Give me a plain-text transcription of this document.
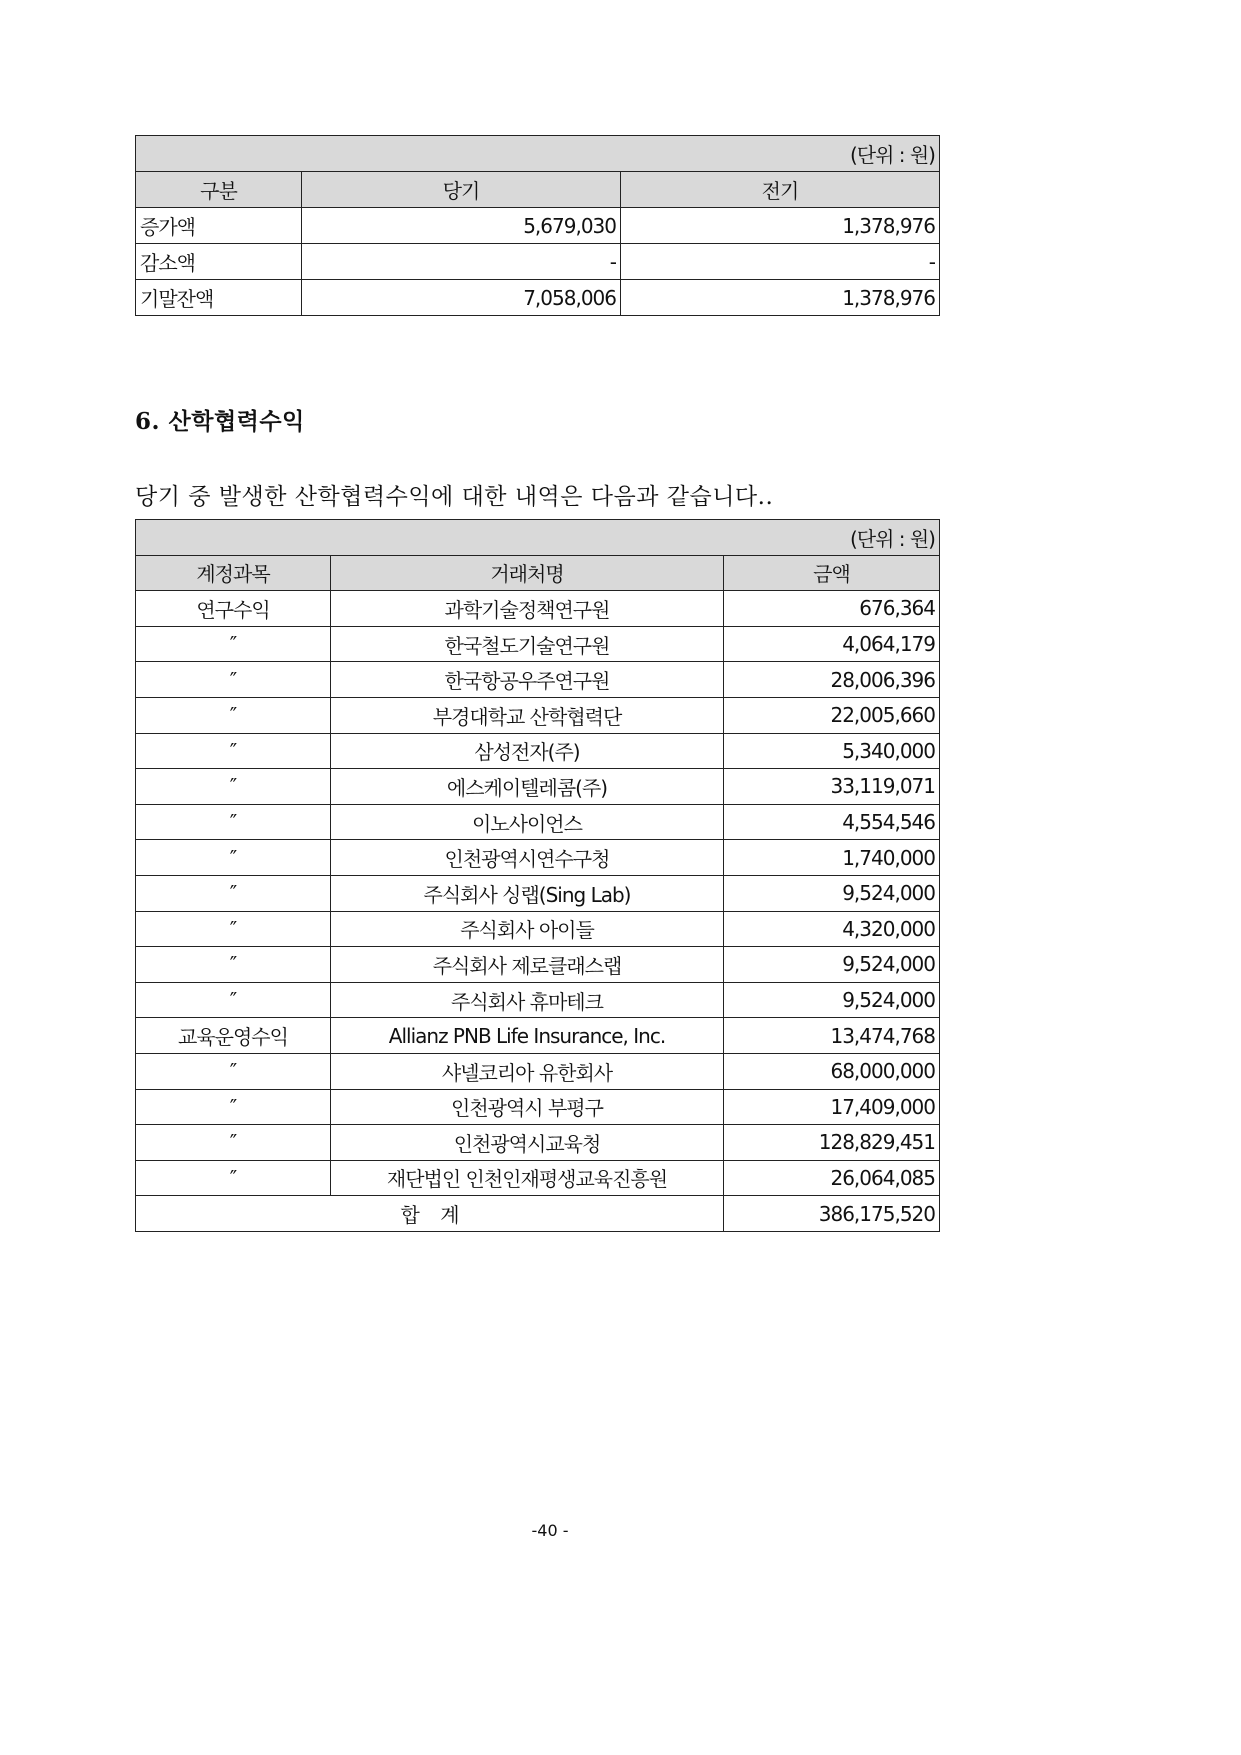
(단위 : 원)		
구분	당기	전기
증가액	5,679,030	1,378,976
감소액	-	-
기말잔액	7,058,006	1,378,976
6. 산학협력수익

당기 중 발생한 산학협력수익에 대한 내역은 다음과 같습니다..

(단위 : 원)		
계정과목	거래처명	금액
연구수익	과학기술정책연구원	676,364
″	한국철도기술연구원	4,064,179
″	한국항공우주연구원	28,006,396
″	부경대학교 산학협력단	22,005,660
″	삼성전자(주)	5,340,000
″	에스케이텔레콤(주)	33,119,071
″	이노사이언스	4,554,546
″	인천광역시연수구청	1,740,000
″	주식회사 싱랩(Sing Lab)	9,524,000
″	주식회사 아이들	4,320,000
″	주식회사 제로클래스랩	9,524,000
″	주식회사 휴마테크	9,524,000
교육운영수익	Allianz PNB Life Insurance, Inc.	13,474,768
″	샤넬코리아 유한회사	68,000,000
″	인천광역시 부평구	17,409,000
″	인천광역시교육청	128,829,451
″	재단법인 인천인재평생교육진흥원	26,064,085
합    계		386,175,520
-40 -
